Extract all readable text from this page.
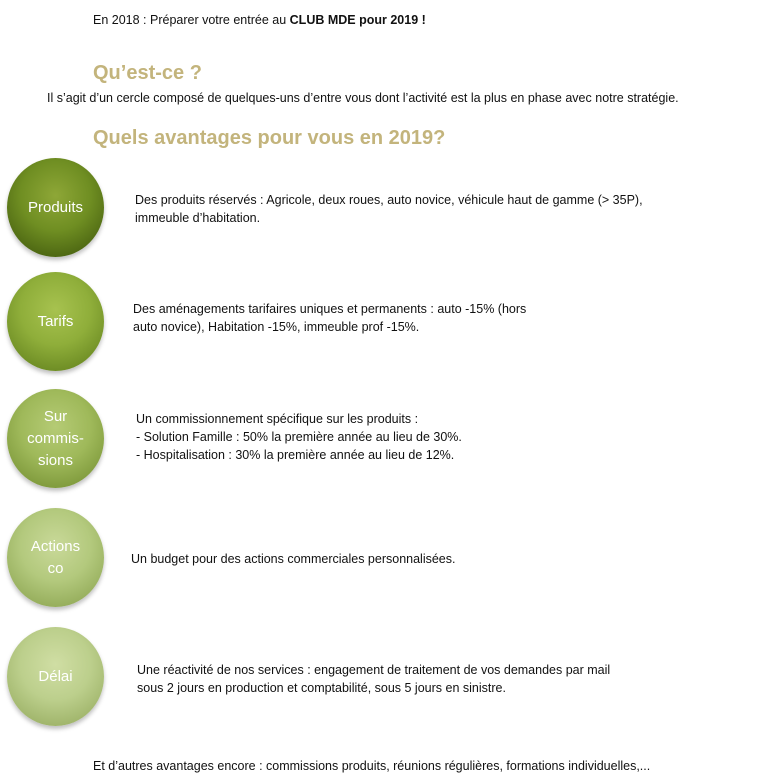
En 2018 : Préparer votre entrée au CLUB MDE pour 2019 !
Qu’est-ce ?
Il s’agit d’un cercle composé de quelques-uns d’entre vous dont l’activité est la plus en phase avec notre stratégie.
Quels avantages pour vous en 2019?
Produits	Des produits réservés : Agricole, deux roues, auto novice, véhicule haut de gamme (> 35P),
immeuble d’habitation.
Tarifs
Des aménagements tarifaires uniques et permanents : auto -15% (hors
auto novice), Habitation -15%, immeuble prof -15%.
Sur
commis-
sions
Un commissionnement spécifique sur les produits :
- Solution Famille : 50% la première année au lieu de 30%.
- Hospitalisation : 30% la première année au lieu de 12%.
Actions
co
Un budget pour des actions commerciales personnalisées.
Délai	Une réactivité de nos services : engagement de traitement de vos demandes par mail
sous 2 jours en production et comptabilité, sous 5 jours en sinistre.
Et d’autres avantages encore : commissions produits, réunions régulières, formations individuelles,...
